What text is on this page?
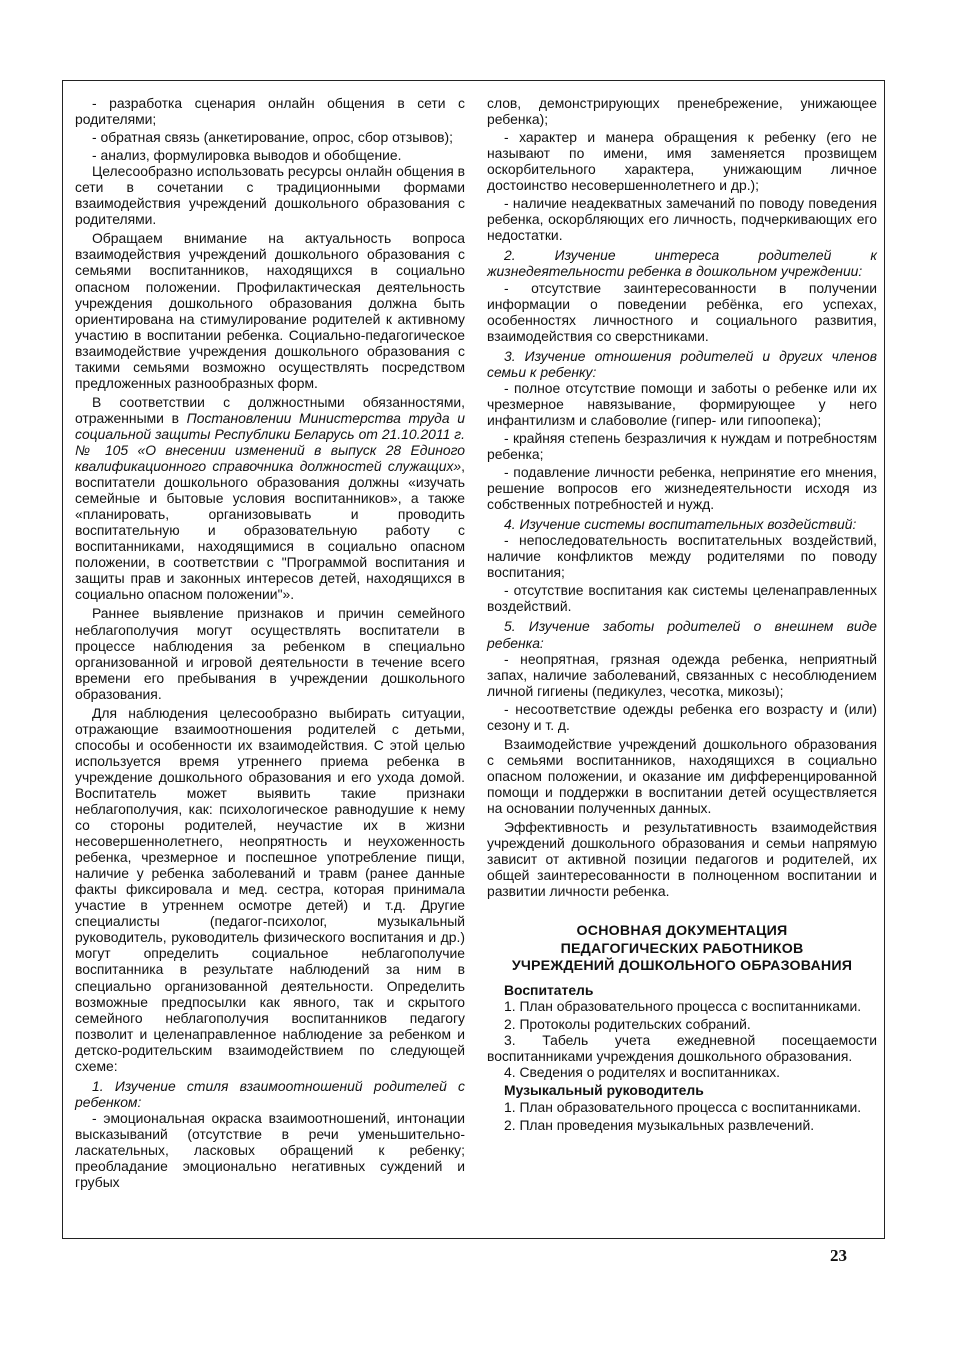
- разработка сценария онлайн общения в сети с родителями;

- обратная связь (анкетирование, опрос, сбор отзывов);

- анализ, формулировка выводов и обобщение.

Целесообразно использовать ресурсы онлайн общения в сети в сочетании с традиционными формами взаимодействия учреждений дошкольного образования с родителями.

Обращаем внимание на актуальность вопроса взаимодействия учреждений дошкольного образования с семьями воспитанников, находящихся в социально опасном положении. Профилактическая деятельность учреждения дошкольного образования должна быть ориентирована на стимулирование родителей к активному участию в воспитании ребенка. Социально-педагогическое взаимодействие учреждения дошкольного образования с такими семьями возможно осуществлять посредством предложенных разнообразных форм.

В соответствии с должностными обязанностями, отраженными в Постановлении Министерства труда и социальной защиты Республики Беларусь от 21.10.2011 г. № 105 «О внесении изменений в выпуск 28 Единого квалификационного справочника должностей служащих», воспитатели дошкольного образования должны «изучать семейные и бытовые условия воспитанников», а также «планировать, организовывать и проводить воспитательную и образовательную работу с воспитанниками, находящимися в социально опасном положении, в соответствии с "Программой воспитания и защиты прав и законных интересов детей, находящихся в социально опасном положении"».

Раннее выявление признаков и причин семейного неблагополучия могут осуществлять воспитатели в процессе наблюдения за ребенком в специально организованной и игровой деятельности в течение всего времени его пребывания в учреждении дошкольного образования.

Для наблюдения целесообразно выбирать ситуации, отражающие взаимоотношения родителей с детьми, способы и особенности их взаимодействия. С этой целью используется время утреннего приема ребенка в учреждение дошкольного образования и его ухода домой. Воспитатель может выявить такие признаки неблагополучия, как: психологическое равнодушие к нему со стороны родителей, неучастие их в жизни несовершеннолетнего, неопрятность и неухоженность ребенка, чрезмерное и поспешное употребление пищи, наличие у ребенка заболеваний и травм (ранее данные факты фиксировала и мед. сестра, которая принимала участие в утреннем осмотре детей) и т.д. Другие специалисты (педагог-психолог, музыкальный руководитель, руководитель физического воспитания и др.) могут определить социальное неблагополучие воспитанника в результате наблюдений за ним в специально организованной деятельности. Определить возможные предпосылки как явного, так и скрытого семейного неблагополучия воспитанников педагогу позволит и целенаправленное наблюдение за ребенком и детско-родительским взаимодействием по следующей схеме:

1. Изучение стиля взаимоотношений родителей с ребенком:

- эмоциональная окраска взаимоотношений, интонации высказываний (отсутствие в речи уменьшительно-ласкательных, ласковых обращений к ребенку; преобладание эмоционально негативных суждений и грубых

слов, демонстрирующих пренебрежение, унижающее ребенка);

- характер и манера обращения к ребенку (его не называют по имени, имя заменяется прозвищем оскорбительного характера, унижающим личное достоинство несовершеннолетнего и др.);

- наличие неадекватных замечаний по поводу поведения ребенка, оскорбляющих его личность, подчеркивающих его недостатки.

2. Изучение интереса родителей к жизнедеятельности ребенка в дошкольном учреждении:

- отсутствие заинтересованности в получении информации о поведении ребёнка, его успехах, особенностях личностного и социального развития, взаимодействия со сверстниками.

3. Изучение отношения родителей и других членов семьи к ребенку:

- полное отсутствие помощи и заботы о ребенке или их чрезмерное навязывание, формирующее у него инфантилизм и слабоволие (гипер- или гипоопека);

- крайняя степень безразличия к нуждам и потребностям ребенка;

- подавление личности ребенка, непринятие его мнения, решение вопросов его жизнедеятельности исходя из собственных потребностей и нужд.

4. Изучение системы воспитательных воздействий:

- непоследовательность воспитательных воздействий, наличие конфликтов между родителями по поводу воспитания;

- отсутствие воспитания как системы целенаправленных воздействий.

5. Изучение заботы родителей о внешнем виде ребенка:

- неопрятная, грязная одежда ребенка, неприятный запах, наличие заболеваний, связанных с несоблюдением личной гигиены (педикулез, чесотка, микозы);

- несоответствие одежды ребенка его возрасту и (или) сезону и т. д.

Взаимодействие учреждений дошкольного образования с семьями воспитанников, находящихся в социально опасном положении, и оказание им дифференцированной помощи и поддержки в воспитании детей осуществляется на основании полученных данных.

Эффективность и результативность взаимодействия учреждений дошкольного образования и семьи напрямую зависит от активной позиции педагогов и родителей, их общей заинтересованности в полноценном воспитании и развитии личности ребенка.

ОСНОВНАЯ ДОКУМЕНТАЦИЯ
ПЕДАГОГИЧЕСКИХ РАБОТНИКОВ
УЧРЕЖДЕНИЙ ДОШКОЛЬНОГО ОБРАЗОВАНИЯ
Воспитатель

1. План образовательного процесса с воспитанниками.

2. Протоколы родительских собраний.

3. Табель учета ежедневной посещаемости воспитанниками учреждения дошкольного образования.

4. Сведения о родителях и воспитанниках.

Музыкальный руководитель

1. План образовательного процесса с воспитанниками.

2. План проведения музыкальных развлечений.

23
